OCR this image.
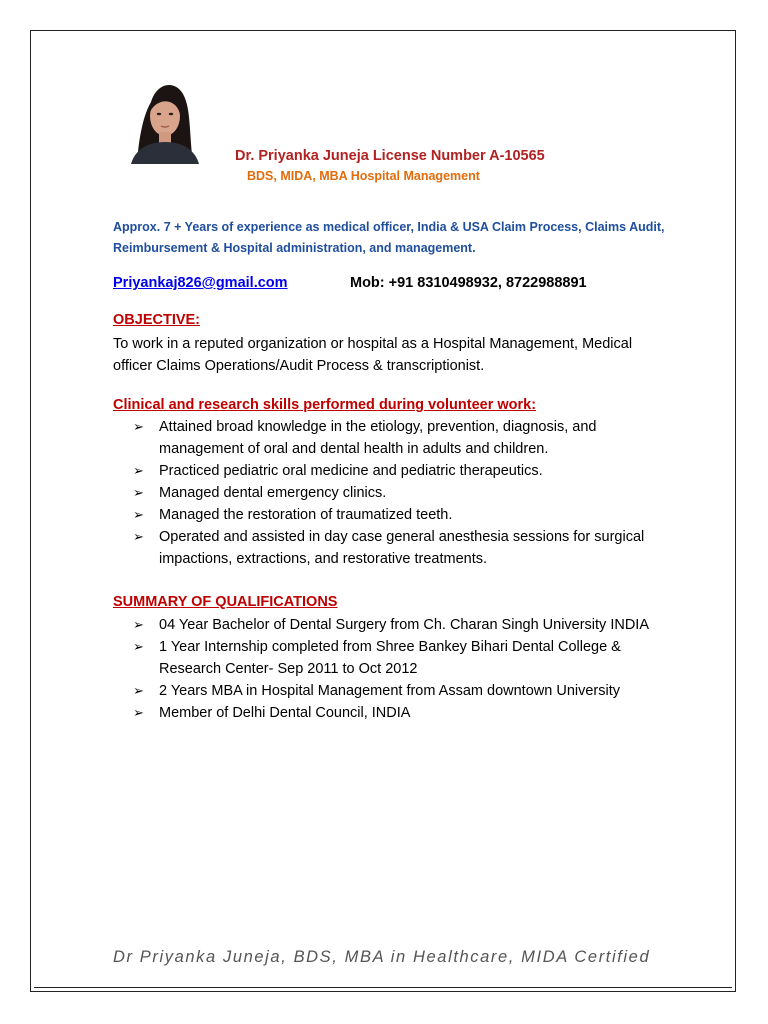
Dr. Priyanka Juneja License Number A-10565
BDS, MIDA, MBA Hospital Management
Approx. 7 + Years of experience as medical officer, India & USA Claim Process, Claims Audit, Reimbursement & Hospital administration, and management.
Priyankaj826@gmail.com	Mob: +91 8310498932, 8722988891
OBJECTIVE:
To work in a reputed organization or hospital as a Hospital Management, Medical officer Claims Operations/Audit Process & transcriptionist.
Clinical and research skills performed during volunteer work:
➢ Attained broad knowledge in the etiology, prevention, diagnosis, and management of oral and dental health in adults and children.
➢ Practiced pediatric oral medicine and pediatric therapeutics.
➢ Managed dental emergency clinics.
➢ Managed the restoration of traumatized teeth.
➢ Operated and assisted in day case general anesthesia sessions for surgical impactions, extractions, and restorative treatments.
SUMMARY OF QUALIFICATIONS
➢ 04 Year Bachelor of Dental Surgery from Ch. Charan Singh University INDIA
➢ 1 Year Internship completed from Shree Bankey Bihari Dental College & Research Center- Sep 2011 to Oct 2012
➢ 2 Years MBA in Hospital Management from Assam downtown University
➢ Member of Delhi Dental Council, INDIA
Dr Priyanka Juneja, BDS, MBA in Healthcare, MIDA Certified
